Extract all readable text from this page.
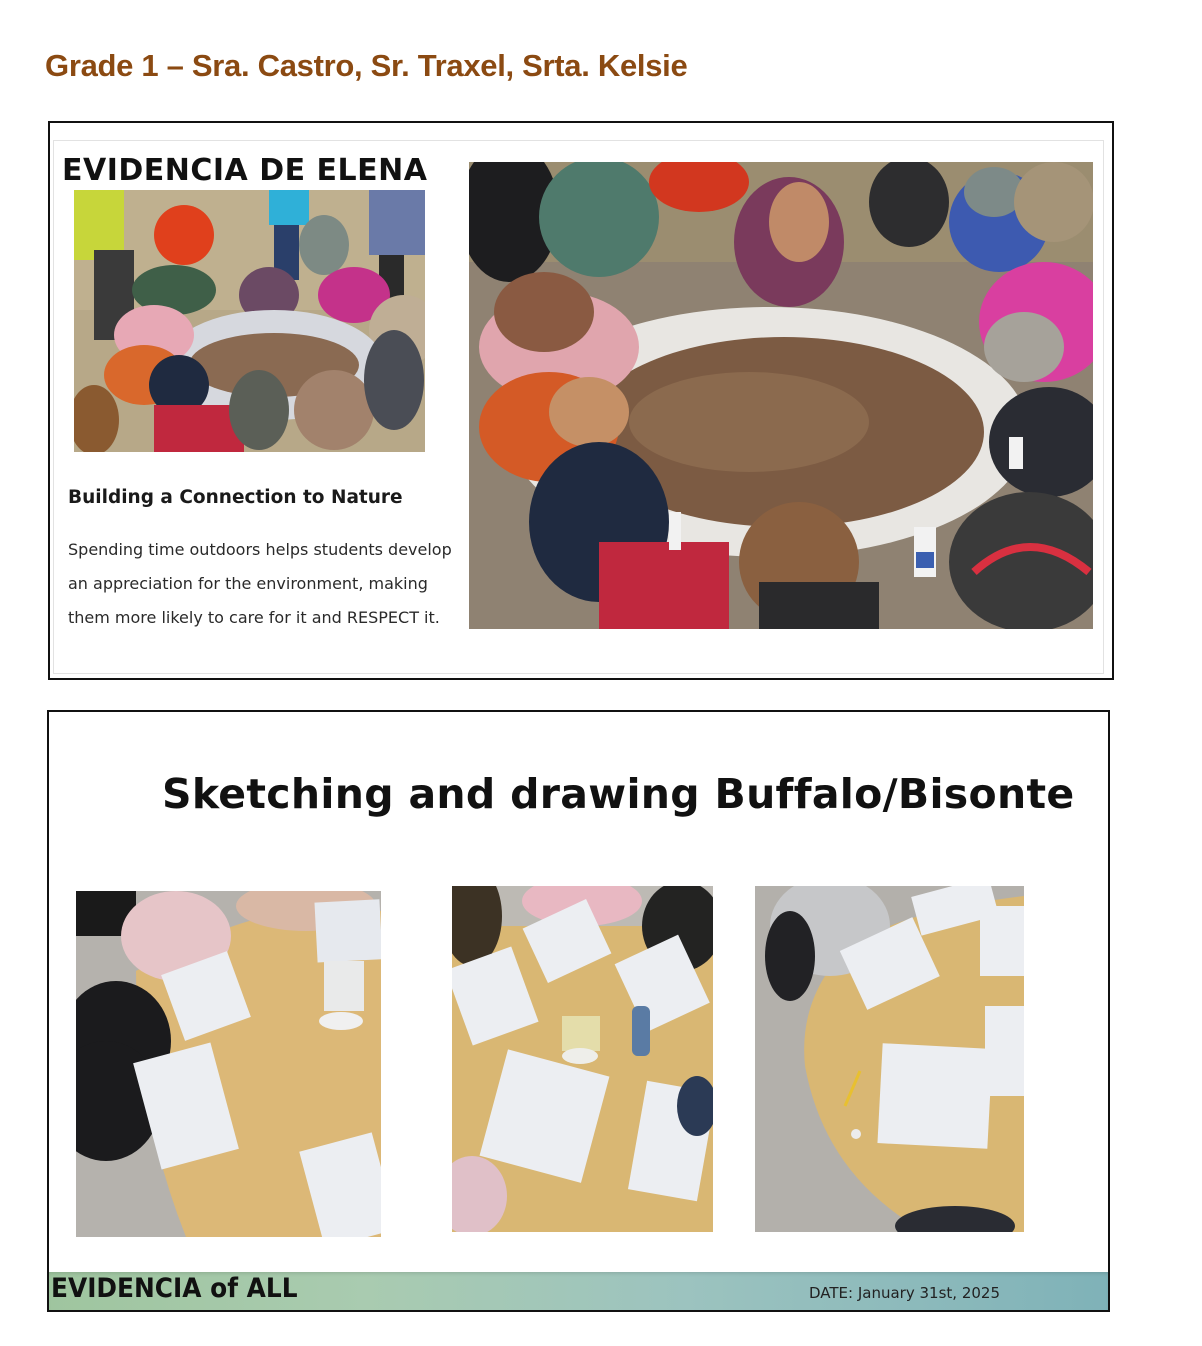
Grade 1 – Sra. Castro, Sr. Traxel, Srta. Kelsie
EVIDENCIA DE ELENA
Building a Connection to Nature
Spending time outdoors helps students develop an appreciation for the environment, making them more likely to care for it and RESPECT it.
Sketching and drawing Buffalo/Bisonte
EVIDENCIA of ALL	DATE: January 31st, 2025
